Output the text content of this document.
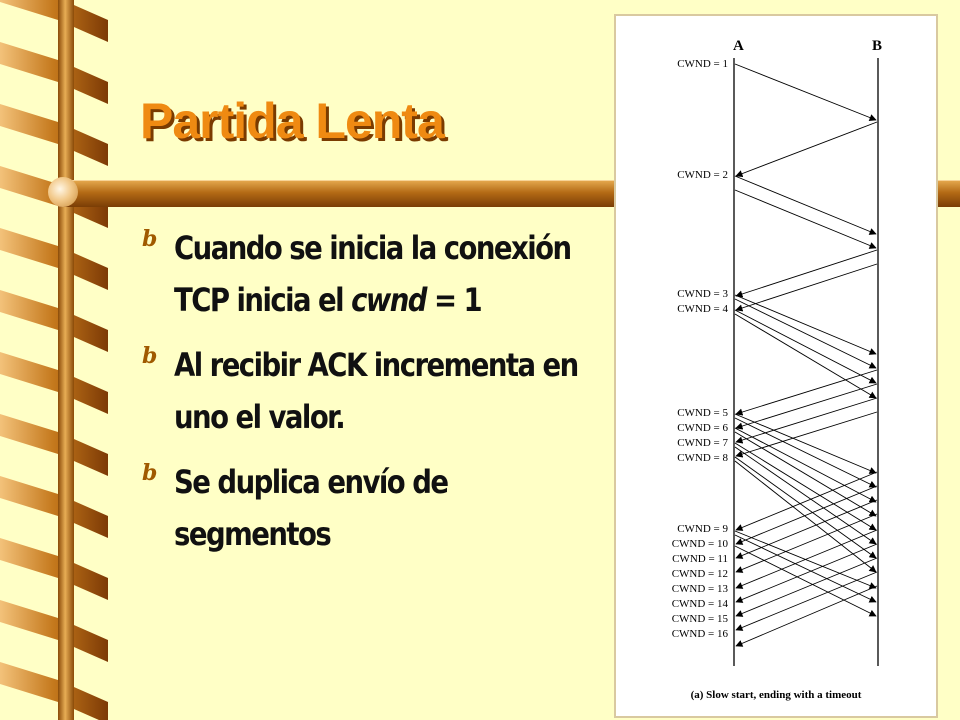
Partida Lenta
b Cuando se inicia la conexión TCP inicia el cwnd = 1
b Al recibir ACK incrementa en uno el valor.
b Se duplica envío de segmentos
A	B
CWND = 1
CWND = 2
CWND = 3
CWND = 4
CWND = 5
CWND = 6
CWND = 7
CWND = 8
CWND = 9
CWND = 10
CWND = 11
CWND = 12
CWND = 13
CWND = 14
CWND = 15
CWND = 16
(a) Slow start, ending with a timeout
